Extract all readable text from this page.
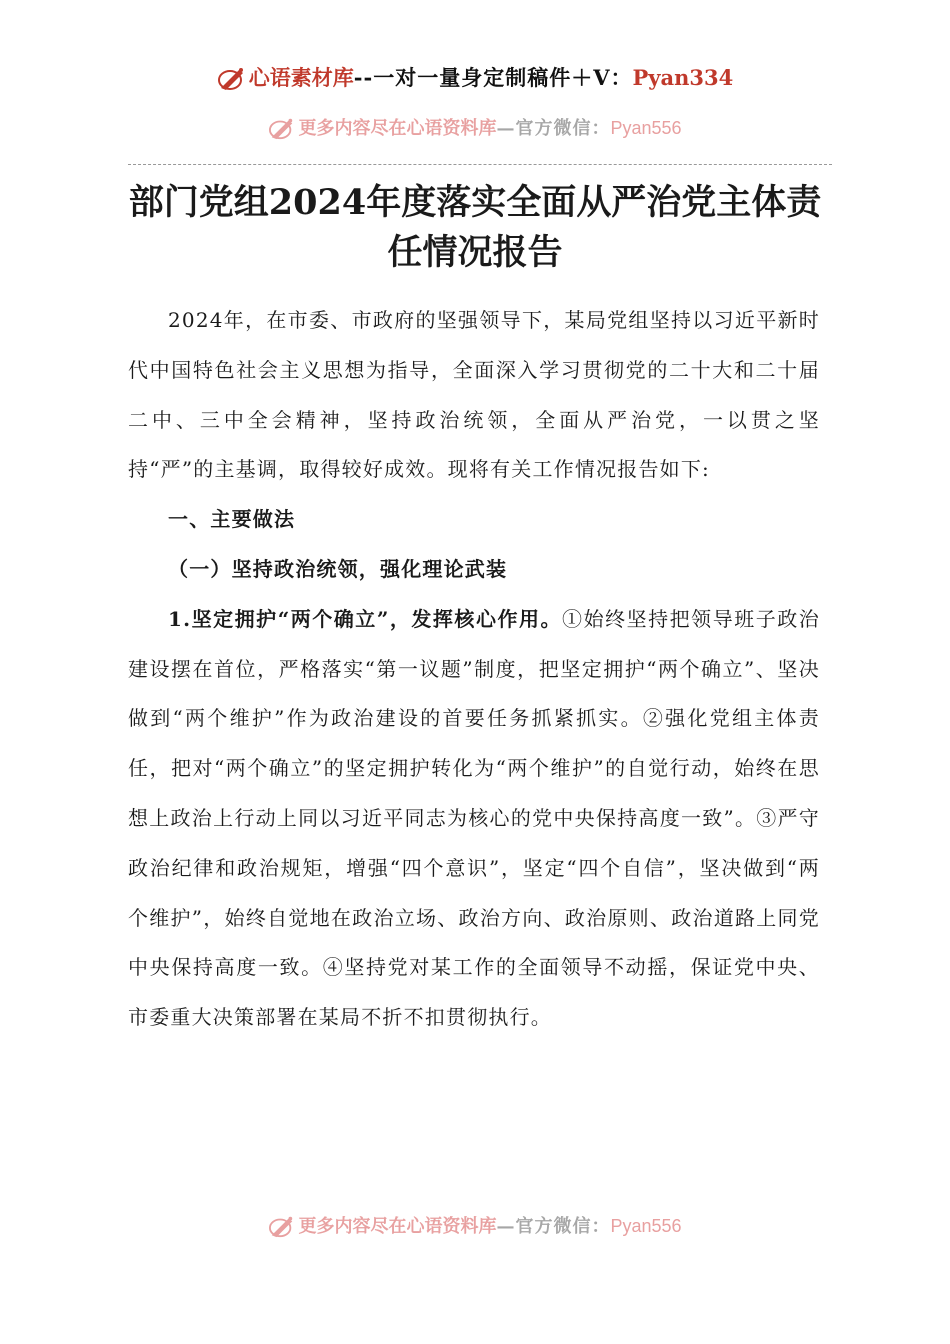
心语素材库--一对一量身定制稿件＋V：Pyan334
更多内容尽在心语资料库—官方微信：Pyan556
部门党组2024年度落实全面从严治党主体责任情况报告

2024年，在市委、市政府的坚强领导下，某局党组坚持以习近平新时代中国特色社会主义思想为指导，全面深入学习贯彻党的二十大和二十届二中、三中全会精神，坚持政治统领，全面从严治党，一以贯之坚持“严”的主基调，取得较好成效。现将有关工作情况报告如下:

一、主要做法

（一）坚持政治统领，强化理论武装

1.坚定拥护“两个确立”，发挥核心作用。①始终坚持把领导班子政治建设摆在首位，严格落实“第一议题”制度，把坚定拥护“两个确立”、坚决做到“两个维护”作为政治建设的首要任务抓紧抓实。②强化党组主体责任，把对“两个确立”的坚定拥护转化为“两个维护”的自觉行动，始终在思想上政治上行动上同以习近平同志为核心的党中央保持高度一致”。③严守政治纪律和政治规矩，增强“四个意识”，坚定“四个自信”，坚决做到“两个维护”，始终自觉地在政治立场、政治方向、政治原则、政治道路上同党中央保持高度一致。④坚持党对某工作的全面领导不动摇，保证党中央、市委重大决策部署在某局不折不扣贯彻执行。

更多内容尽在心语资料库—官方微信：Pyan556
